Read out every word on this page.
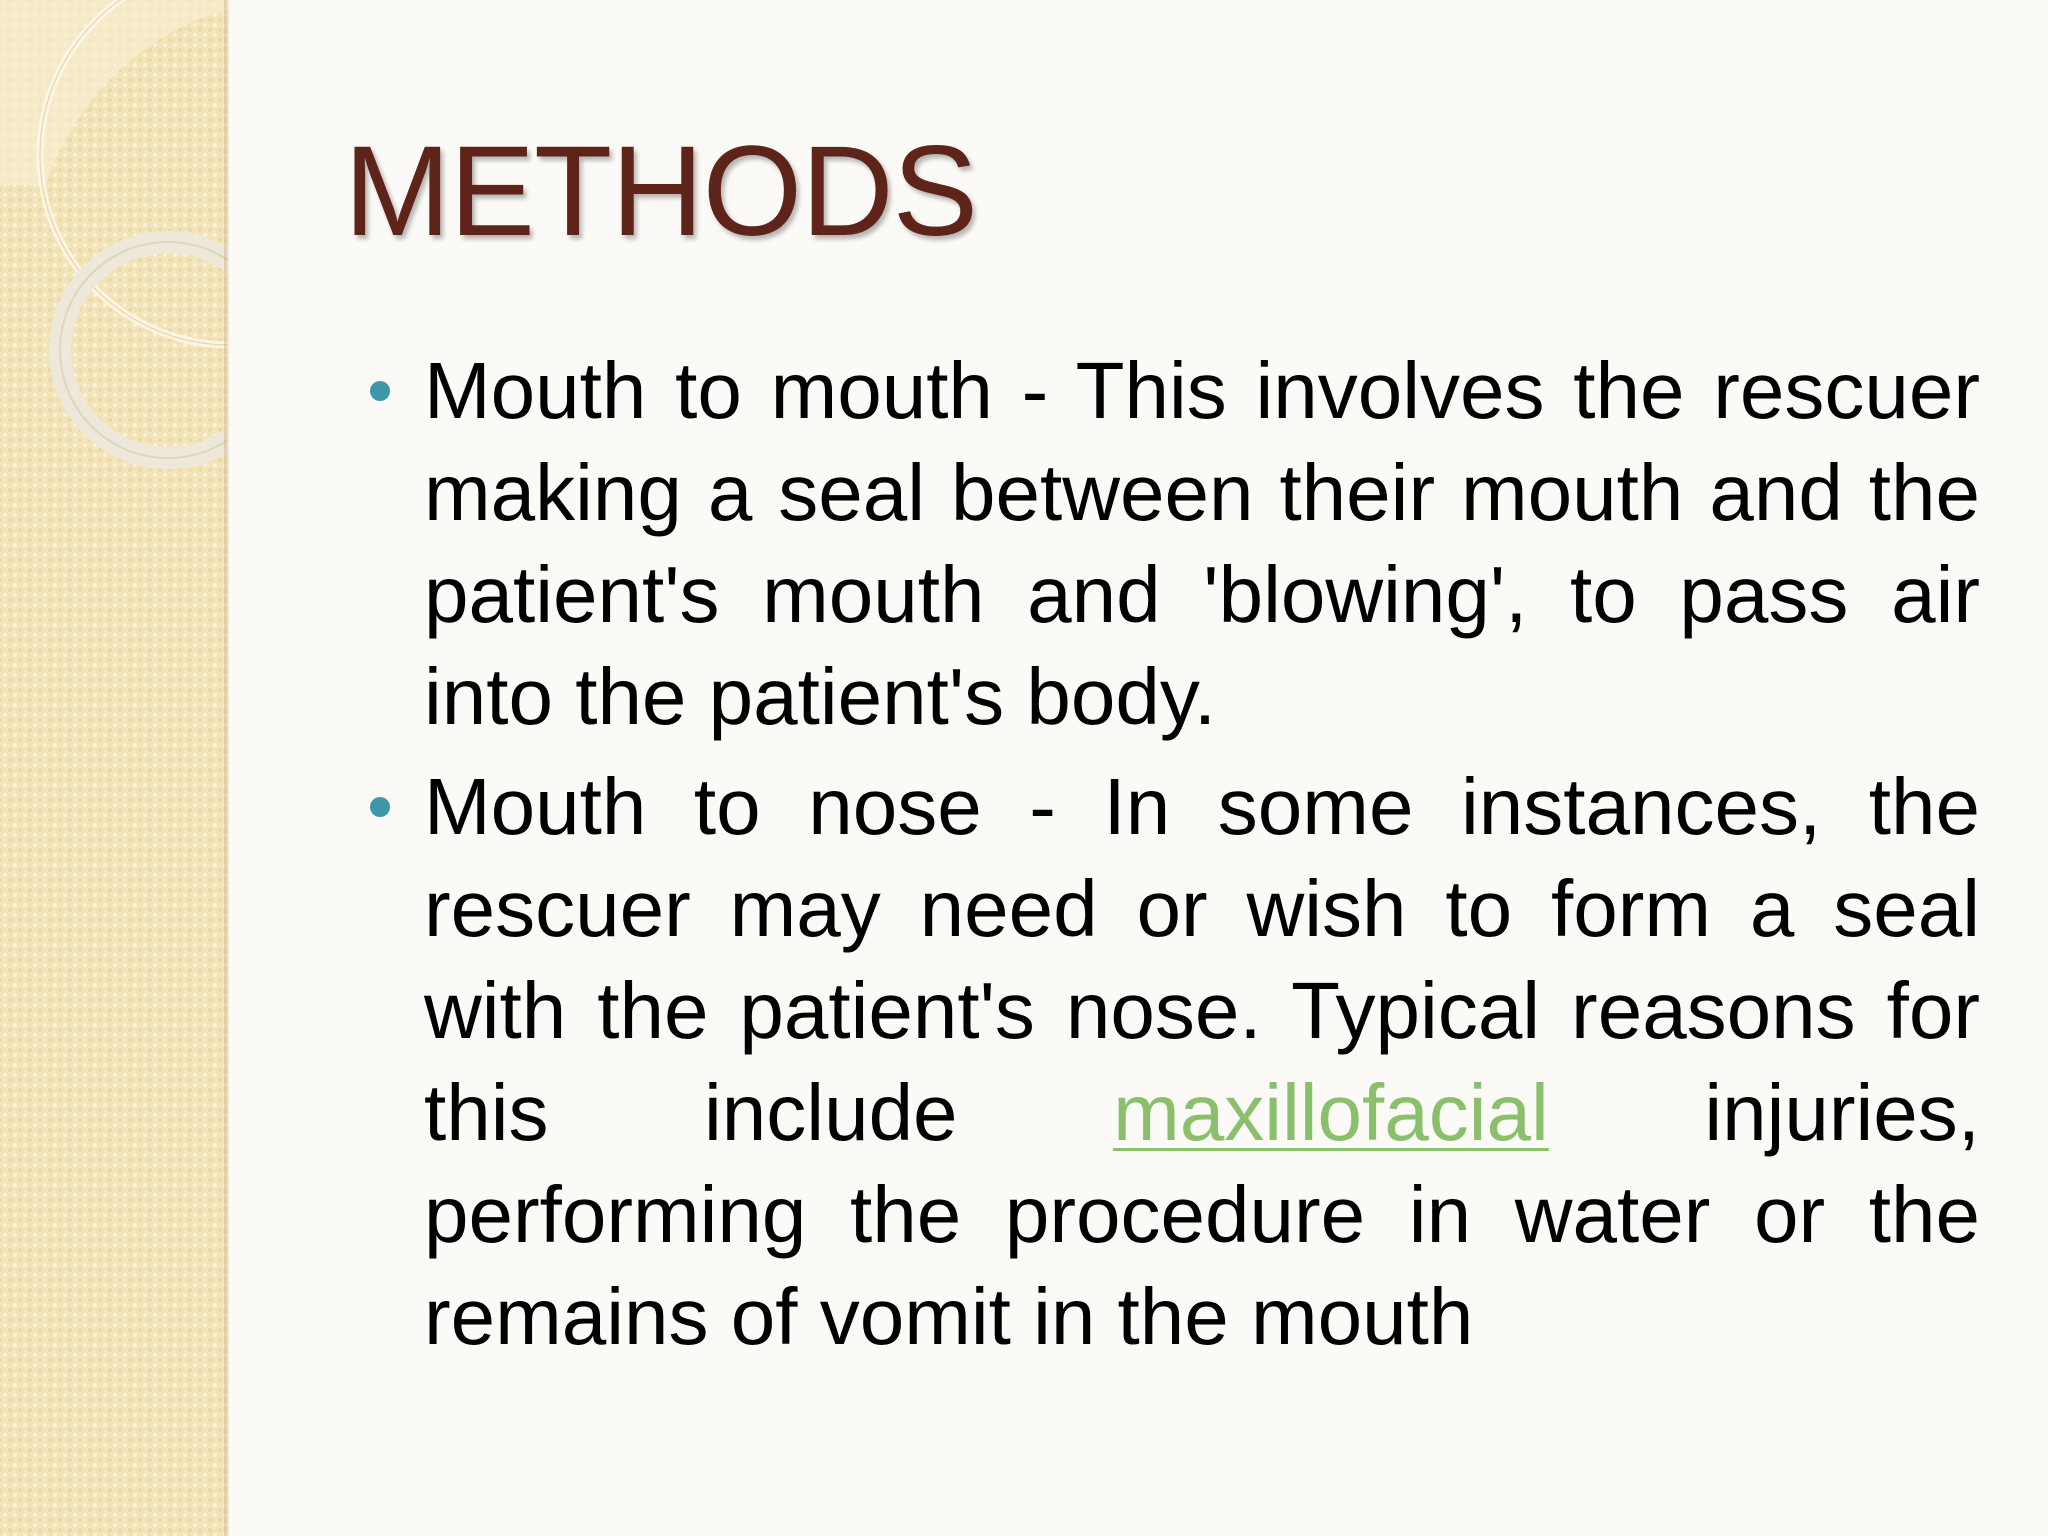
METHODS
Mouth to mouth - This involves the rescuer making a seal between their mouth and the patient's mouth and 'blowing', to pass air into the patient's body.
Mouth to nose - In some instances, the rescuer may need or wish to form a seal with the patient's nose. Typical reasons for this include maxillofacial injuries, performing the procedure in water or the remains of vomit in the mouth
